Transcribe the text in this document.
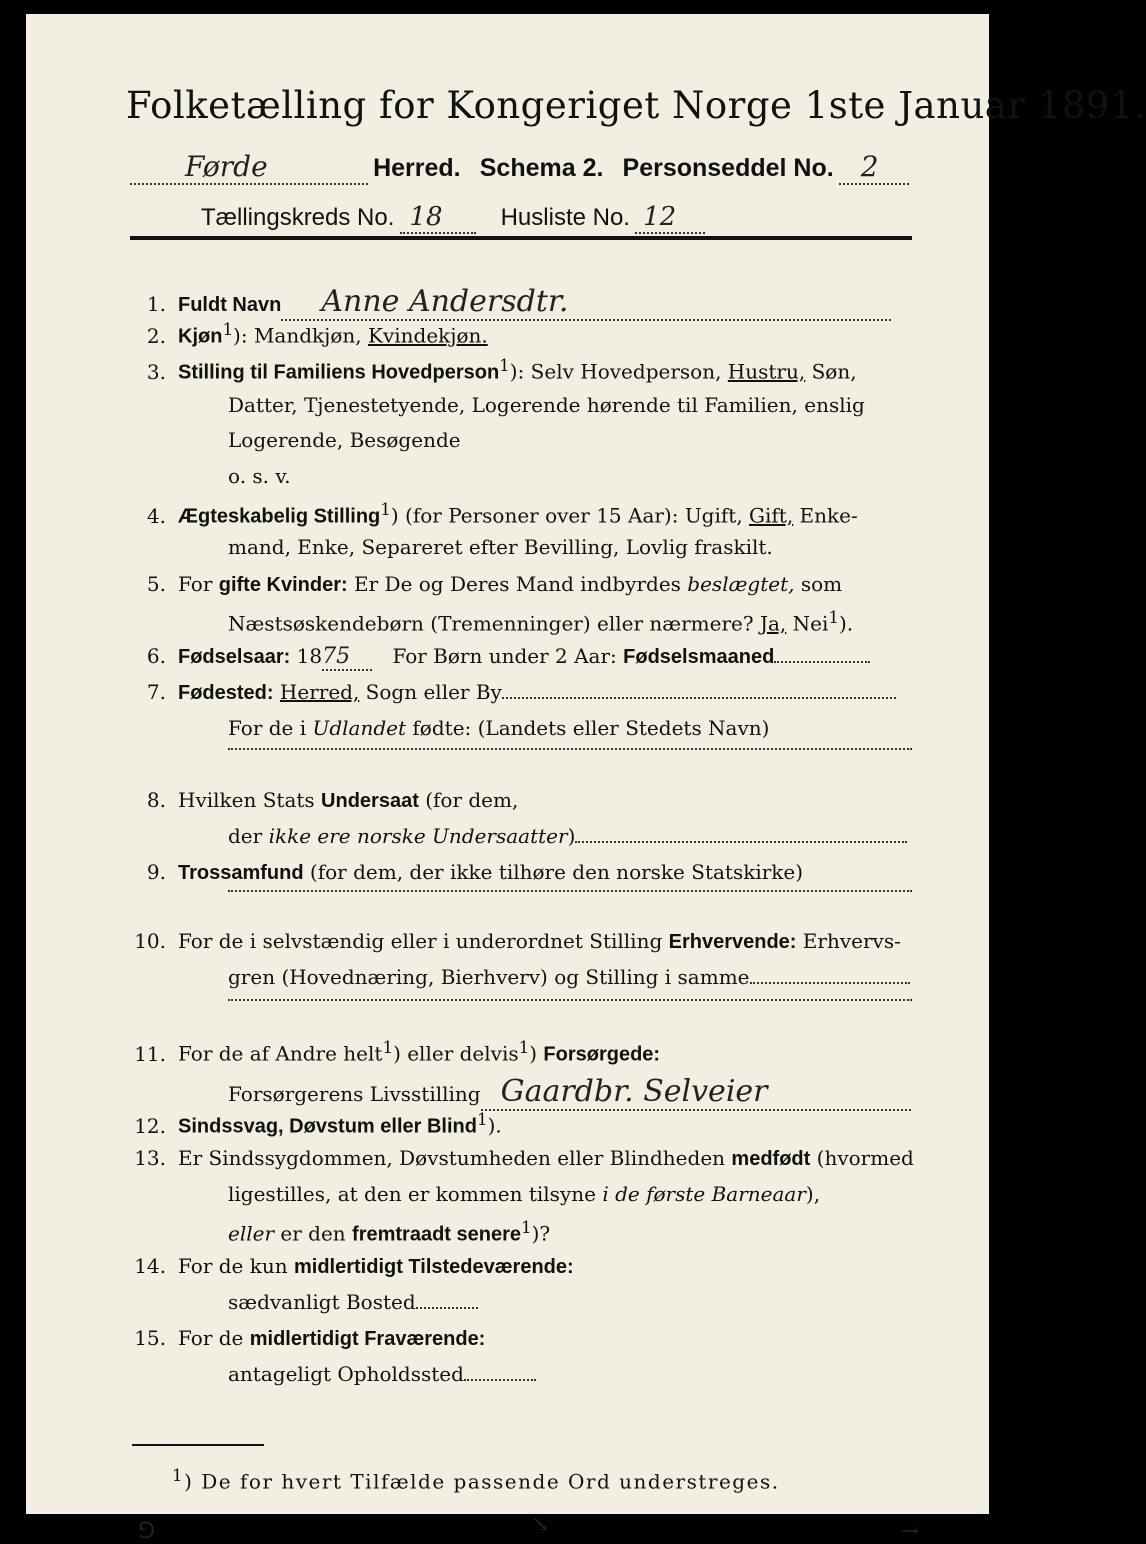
Folketælling for Kongeriget Norge 1ste Januar 1891.
Førde	Herred. Schema 2. Personseddel No. 2
Tællingskreds No. 18 Husliste No. 12
1. Fuldt Navn Anne Andersdtr.
2. Kjøn$^1$): Mandkjøn, Kvindekjøn.
3. Stilling til Familiens Hovedperson$^1$): Selv Hovedperson, Hustru, Søn,
Datter, Tjenestetyende, Logerende hørende til Familien, enslig
Logerende, Besøgende
o. s. v.
4. Ægteskabelig Stilling$^1$) (for Personer over 15 Aar): Ugift, Gift, Enke-
mand, Enke, Separeret efter Bevilling, Lovlig fraskilt.
5. For gifte Kvinder: Er De og Deres Mand indbyrdes beslægtet, som
Næstsøskendebørn (Tremenninger) eller nærmere? Ja, Nei$^1$).
6. Fødselsaar: 1875 For Børn under 2 Aar: Fødselsmaaned
7. Fødested: Herred, Sogn eller By
For de i Udlandet fødte: (Landets eller Stedets Navn)
8. Hvilken Stats Undersaat (for dem,
der ikke ere norske Undersaatter)
9. Trossamfund (for dem, der ikke tilhøre den norske Statskirke)
10. For de i selvstændig eller i underordnet Stilling Erhvervende: Erhvervs-
gren (Hovednæring, Bierhverv) og Stilling i samme
11. For de af Andre helt$^1$) eller delvis$^1$) Forsørgede:
Forsørgerens Livsstilling Gaardbr. Selveier
12. Sindssvag, Døvstum eller Blind$^1$).
13. Er Sindssygdommen, Døvstumheden eller Blindheden medfødt (hvormed
ligestilles, at den er kommen tilsyne i de første Barneaar),
eller er den fremtraadt senere$^1$)?
14. For de kun midlertidigt Tilstedeværende:
sædvanligt Bosted
15. For de midlertidigt Fraværende:
antageligt Opholdssted
$^1$) De for hvert Tilfælde passende Ord understreges.
⅁	↘	→
